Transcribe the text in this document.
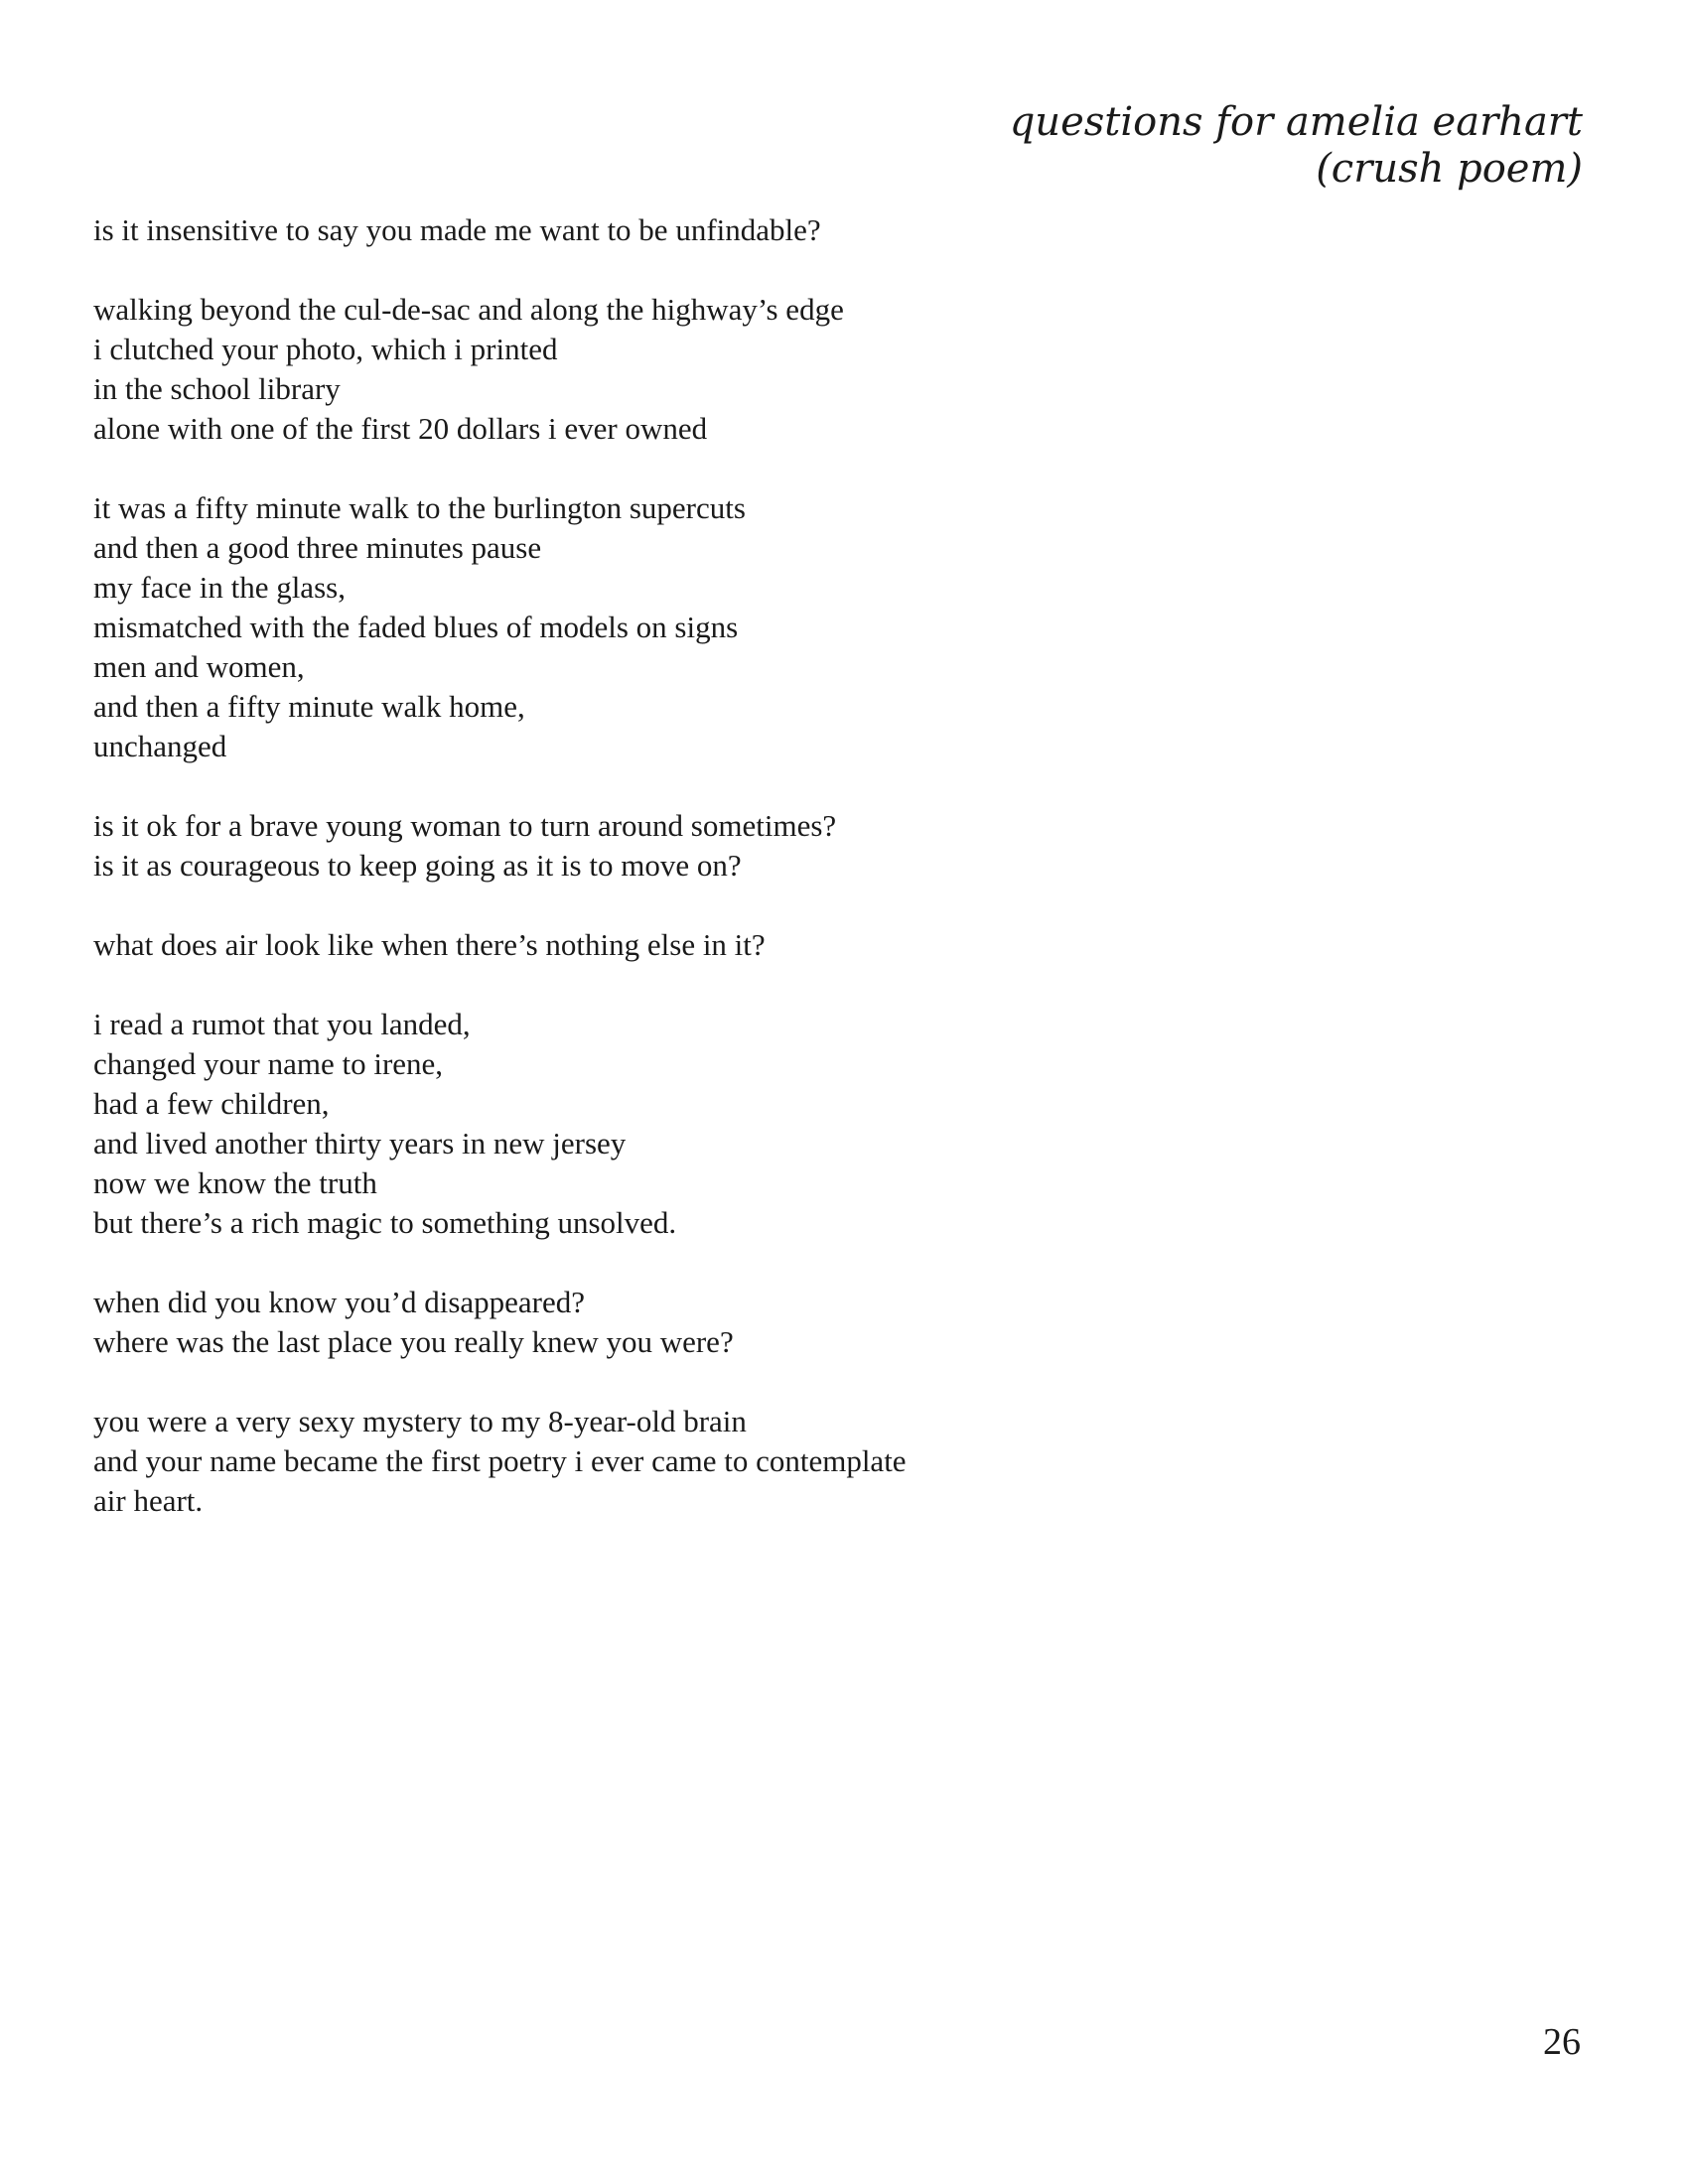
questions for amelia earhart
(crush poem)
is it insensitive to say you made me want to be unfindable?
walking beyond the cul-de-sac and along the highway’s edge
i clutched your photo, which i printed
in the school library
alone with one of the first 20 dollars i ever owned
it was a fifty minute walk to the burlington supercuts
and then a good three minutes pause
my face in the glass,
mismatched with the faded blues of models on signs
men and women,
and then a fifty minute walk home,
unchanged
is it ok for a brave young woman to turn around sometimes?
is it as courageous to keep going as it is to move on?
what does air look like when there’s nothing else in it?
i read a rumot that you landed,
changed your name to irene,
had a few children,
and lived another thirty years in new jersey
now we know the truth
but there’s a rich magic to something unsolved.
when did you know you’d disappeared?
where was the last place you really knew you were?
you were a very sexy mystery to my 8-year-old brain
and your name became the first poetry i ever came to contemplate
air heart.
26
